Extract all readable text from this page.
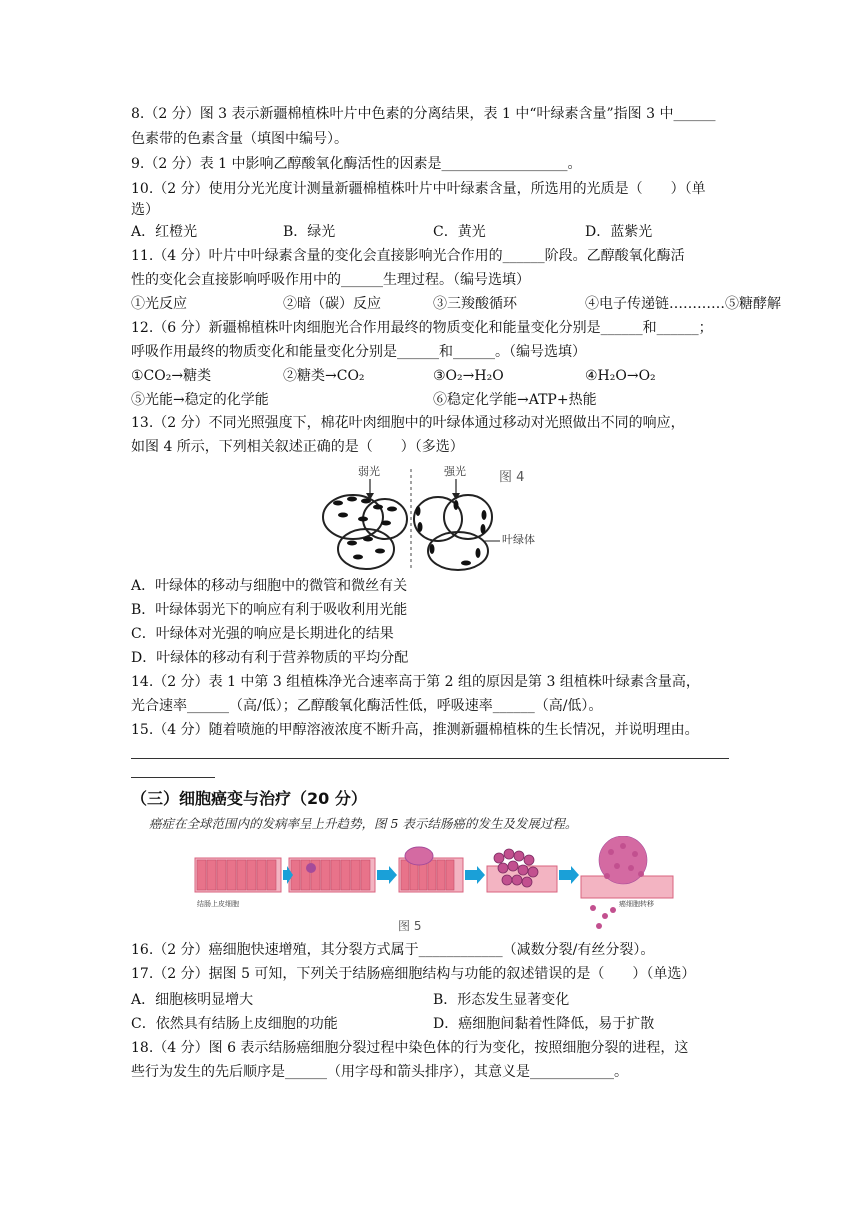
8.（2 分）图 3 表示新疆棉植株叶片中色素的分离结果，表 1 中“叶绿素含量”指图 3 中______
色素带的色素含量（填图中编号）。
9.（2 分）表 1 中影响乙醇酸氧化酶活性的因素是__________________。
10.（2 分）使用分光光度计测量新疆棉植株叶片中叶绿素含量，所选用的光质是（　　）（单
选）
A．红橙光	B．绿光	C．黄光	D．蓝紫光
11.（4 分）叶片中叶绿素含量的变化会直接影响光合作用的______阶段。乙醇酸氧化酶活
性的变化会直接影响呼吸作用中的______生理过程。（编号选填）
①光反应	②暗（碳）反应	③三羧酸循环	④电子传递链…………⑤糖酵解
12.（6 分）新疆棉植株叶肉细胞光合作用最终的物质变化和能量变化分别是______和______；
呼吸作用最终的物质变化和能量变化分别是______和______。（编号选填）
①CO₂→糖类	②糖类→CO₂	③O₂→H₂O	④H₂O→O₂
⑤光能→稳定的化学能	⑥稳定化学能→ATP+热能
13.（2 分）不同光照强度下，棉花叶肉细胞中的叶绿体通过移动对光照做出不同的响应，
如图 4 所示，下列相关叙述正确的是（　　）（多选）
弱光	强光	图 4
叶绿体
A．叶绿体的移动与细胞中的微管和微丝有关
B．叶绿体弱光下的响应有利于吸收利用光能
C．叶绿体对光强的响应是长期进化的结果
D．叶绿体的移动有利于营养物质的平均分配
14.（2 分）表 1 中第 3 组植株净光合速率高于第 2 组的原因是第 3 组植株叶绿素含量高，
光合速率______（高/低）；乙醇酸氧化酶活性低，呼吸速率______（高/低）。
15.（4 分）随着喷施的甲醇溶液浓度不断升高，推测新疆棉植株的生长情况，并说明理由。
（三）细胞癌变与治疗（20 分）
癌症在全球范围内的发病率呈上升趋势，图 5 表示结肠癌的发生及发展过程。
结肠上皮细胞	癌细胞转移
图 5
16.（2 分）癌细胞快速增殖，其分裂方式属于____________（减数分裂/有丝分裂）。
17.（2 分）据图 5 可知，下列关于结肠癌细胞结构与功能的叙述错误的是（　　）（单选）
A．细胞核明显增大	B．形态发生显著变化
C．依然具有结肠上皮细胞的功能	D．癌细胞间黏着性降低，易于扩散
18.（4 分）图 6 表示结肠癌细胞分裂过程中染色体的行为变化，按照细胞分裂的进程，这
些行为发生的先后顺序是______（用字母和箭头排序），其意义是____________。
